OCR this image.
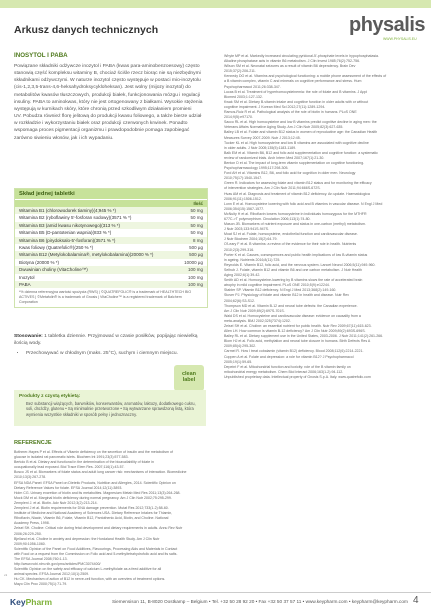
Arkusz danych technicznych	physalis
WWW.PHYSALIS.EU
INOSYTOL I PABA
Powiązane składniki odżywcze inozytol i PABA (kwas para-aminobenzoesowy) często
stanowią część kompleksu witaminy B, chociaż ściśle rzecz biorąc nie są niezbędnymi
składnikami odżywczymi. W naturze inozytol często występuje w postaci mio-inozytolu
(cis-1,2,3,5-trans-4,6-heksahydroksycykloheksan). Jest wolny (mijozy inozytol) do
metabolitów kwasów tłuszczowych, produkcji białek, funkcjonowania mózgu i regulacji
insuliny. PABA to aminokwas, który nie jest ortogenowany z białkami. Wysokie stężenia
występują w kurnikach skóry, które chronią przed szkodliwym działaniem promieni
UV. Pobudza również florę jelitową do produkcji kwasu foliowego, a także bierze udział
w rozkładzie i wykorzystaniu białek oraz produkcji czerwonych krwinek. Ponadto
wspomaga proces pigmentacji organizmu i prawdopodobnie pomaga zapobiegać
zarówno siwieniu włosów, jak i ich wypadaniu.
Skład jednej tabletki
Ilość
Witamina B1 (chlorowodorek tiaminy)(4;945 % *)	50 mg
Witamina B2 (ryboflawiny 5'-fosforan sodowy)(3571 % *)	50 mg
Witamina B3 (amid kwasu nikotynowego)(313 % *)	50 mg
Witamina B5 (D-pantotenian wapnia)(833 % *)	50 mg
Witamina B6 (pirydoksalo-5'-fosforan)(3571 % *)	8 mg
Kwas foliowy (Quatrefolic®)(250 % *)	500 µg
Witamina B12 (Metylokobalamina®, metylokobalamina)(20000 % *)	500 µg
Biotyna (20000 % *)	10000 µg
Dwuwinian choliny (VitaCholine™)	100 mg
Inozytol	100 mg
PABA	100 mg
*% dzienna referencyjna wartość spożycia (RWS) | ©QUATREFOLIC® is a trademark of HEALTHTECH BIO
ACTIVES | ©Metafolin® is a trademark of Gnosis | VitaCholine™ is a registered trademark of Balchem
Corporation
Stosowanie: 1 tabletka dziennie. Przyjmować w czasie posiłków, popijając niewielką ilością wody.
• Przechowywać w chłodnym (maks. 25°C), suchym i ciemnym miejscu.
clean
label
Produkty z czystą etykietą:
Bez substancji wiążących, barwników, konserwantów, aromatów, laktozy, dodatkowego cukru, soli, drożdży, glutenu • Są minimalnie przetworzone • Są wytwarzane sprawdzoną listą, która wymienia wszystkie składniki w sposób pełny i jednoznaczny.
REFERENCJE
Bothmer-Hayes P et al. Effects of Vitamin deficiency on the secretion of insulin and the metabolism of
glucose in isolated rat pancreatic islets. Biochem Int 1991;23(3):577-583.
Bertolo B et al. Dietary and functional in the determination of the bioavailability of folate in
occupationally lead exposed. Biol Trace Elem Res. 2007;116(1):43-57.
Bosco JS et al. Biomarkers of folate status and adult lung cancer risk: mechanisms of interaction. Biomedicine
2010;13(3):267-278.
EFSA NDA Panel: EFSA Panel on Dietetic Products, Nutrition and Allergies, 2014. Scientific Opinion on
Dietary Reference Values for folate. EFSA Journal 2014;12(11):3893.
Holm CG. Urinary excretion of biotin and its metabolites. Magnesium Metab Med Res 2011;13(3):264-268.
Mock DM et al. Marginal biotin deficiency during normal pregnancy. Am J Clin Nutr 2002;75:295-299.
Zempleni J. et al. Biotin. Adv Nutr 2012;3(2):213-214.
Zempleni J et al. Biotin requirements for DNA damage prevention. Mutat Res 2012;733(1-2):58-60.
Institute of Medicine and National Academy of Sciences USA. Dietary Reference Intakes for Thiamin,
Riboflavin, Niacin, Vitamin B6, Folate, Vitamin B12, Pantothenic Acid, Biotin, and Choline. National
Academy Press, 1998.
Zeisel SH. Choline: Critical role during fetal development and dietary requirements in adults. Annu Rev Nutr
2006;26:229-250.
Bjelland et al. Choline in anxiety and depression: the Hordaland Health Study. Am J Clin Nutr
2009;90:1056-1060.
Scientific Opinion of the Panel on Food Additives, Flavourings, Processing Aids and Materials in Contact
with Food on a request from the Commission on Folic acid and 5-methyltetrahydrofolic acid and its salts.
The EFSA Journal 2008;760:1-13.
http://www.ncbi.nlm.nih.gov/pmc/articles/PMC3074400/
Scientific Opinion on the safety and efficacy of calcium L-methylfolate as a feed additive for all
animal species. EFSA Journal 2012;10(1):2509.
Hu CK. Mechanism of action of B12 in nerve-cell function, with an overview of treatment options.
Mayo Clin Proc 2000;75(1):71-79.
Whyte MP et al. Markedly increased circulating pyridoxal-5'-phosphate levels in hypophosphatasia.
Alkaline phosphatase acts in vitamin B6 metabolism. J Clin Invest 1985;76(2):752-756.
Wilson SM et al. Neonatal seizures as a result of vitamin B6 dependency. Brain Dev
2015;37(2):206-211.
Kennedy DO et al. Vitamins and psychological functioning: a mobile phone assessment of the effects of
a B vitamin complex, vitamin C and minerals on cognitive performance and stress. Hum
Psychopharmacol 2011;26:338-347.
Lucas B et al. Treatment of hyperhomocysteinemia: the role of folate and B vitamins. J Appl
Biomed 2003;1:127-132.
Kwak SM et al. Dietary B-vitamin intake and cognitive function in older adults with or without
cognitive impairment. J Korean Med Sci 2012;27(11):1289-1294.
Ramos-Ruiz R et al. Pathological analysis of the role of biotin in humans. PLoS ONE
2014;9(5):e97170.
Sacco RL et al. High homocysteine and low B vitamins predict cognitive decline in aging men: the
Veterans Affairs Normative Aging Study. Am J Clin Nutr 2005;82(3):627-635.
Bailey LB et al. Folate and vitamin B12 status in women of reproductive age: the Canadian Health
Measures Survey 2007-2009. Nutr J 2013;12:45.
Tucker KL et al. High homocysteine and low B vitamins are associated with cognitive decline
in older adults. J Nutr 2005;135(5):1183-1189.
Balk EM et al. Vitamin B6, B12 and folic acid supplementation and cognitive function: a systematic
review of randomized trials. Arch Intern Med 2007;167(1):21-30.
Benton D et al. The impact of long-term vitamin supplementation on cognitive functioning.
Psychopharmacology 1995;117:298-305.
Ford AH et al. Vitamins B12, B6, and folic acid for cognition in older men. Neurology
2010;75(17):1540-1547.
Green R. Indicators for assessing folate and vitamin B12 status and for monitoring the efficacy
of intervention strategies. Am J Clin Nutr 2011;94:666S-672S.
Hvas AM et al. Diagnosis and treatment of vitamin B12 deficiency. An update. Haematologica
2006;91(11):1506-1512.
Lonn E et al. Homocysteine lowering with folic acid and B vitamins in vascular disease. N Engl J Med
2006;354(15):1567-1577.
McNulty H et al. Riboflavin lowers homocysteine in individuals homozygous for the MTHFR
677C->T polymorphism. Circulation 2006;113(1):74-80.
Mason JB. Biomarkers of nutrient exposure and status in one-carbon (methyl) metabolism.
J Nutr 2003;133:941S-947S.
Moat SJ et al. Folate, homocysteine, endothelial function and cardiovascular disease.
J Nutr Biochem 2004;15(2):64-79.
O'Leary F et al. B vitamins: a review of the evidence for their role in health. Nutrients
2010;2(3):299-316.
Porter K et al. Causes, consequences and public health implications of low B-vitamin status
in ageing. Nutrients 2016;8(11):725.
Reynolds E. Vitamin B12, folic acid, and the nervous system. Lancet Neurol 2006;5(11):949-960.
Selhub J. Folate, vitamin B12 and vitamin B6 and one carbon metabolism. J Nutr Health
Aging 2002;6(1):39-42.
Smith AD et al. Homocysteine-lowering by B vitamins slows the rate of accelerated brain
atrophy in mild cognitive impairment. PLoS ONE 2010;5(9):e12244.
Stabler SP. Vitamin B12 deficiency. N Engl J Med 2013;368(2):149-160.
Stover PJ. Physiology of folate and vitamin B12 in health and disease. Nutr Rev
2004;62(6):S3-S12.
Thompson MD et al. Vitamin B-12 and neural tube defects: the Canadian experience.
Am J Clin Nutr 2009;89(2):697S-701S.
Wald DS et al. Homocysteine and cardiovascular disease: evidence on causality from a
meta-analysis. BMJ 2002;325(7374):1202.
Zeisel SH et al. Choline: an essential nutrient for public health. Nutr Rev 2009;67(11):615-623.
Allen LH. How common is vitamin B-12 deficiency? Am J Clin Nutr 2009;89(2):693S-696S.
Bailey RL et al. Dietary supplement use in the United States, 2003-2006. J Nutr 2011;141(2):261-266.
Blom HJ et al. Folic acid, methylation and neural tube closure in humans. Birth Defects Res A
2009;85(4):295-302.
Carmel R. How I treat cobalamin (vitamin B12) deficiency. Blood 2008;112(6):2214-2221.
Coppen A et al. Folate and depression: a role for vitamin B12? J Psychopharmacol
2005;19(1):59-65.
Depeint F et al. Mitochondrial function and toxicity: role of the B vitamin family on
mitochondrial energy metabolism. Chem Biol Interact 2006;163(1-2):94-112.
Unpublished proprietary data. Intellectual property of Gnosis S.p.A. Italy. www.quatrefolic.com
v1
KeyPharm	Siemensison 11, B-8020 Oostkamp – Belgium • Tel. +32 50 28 92 20 • Fax +32 50 37 57 11 • www.keypharm.com • keypharm@keypharm.com 4
